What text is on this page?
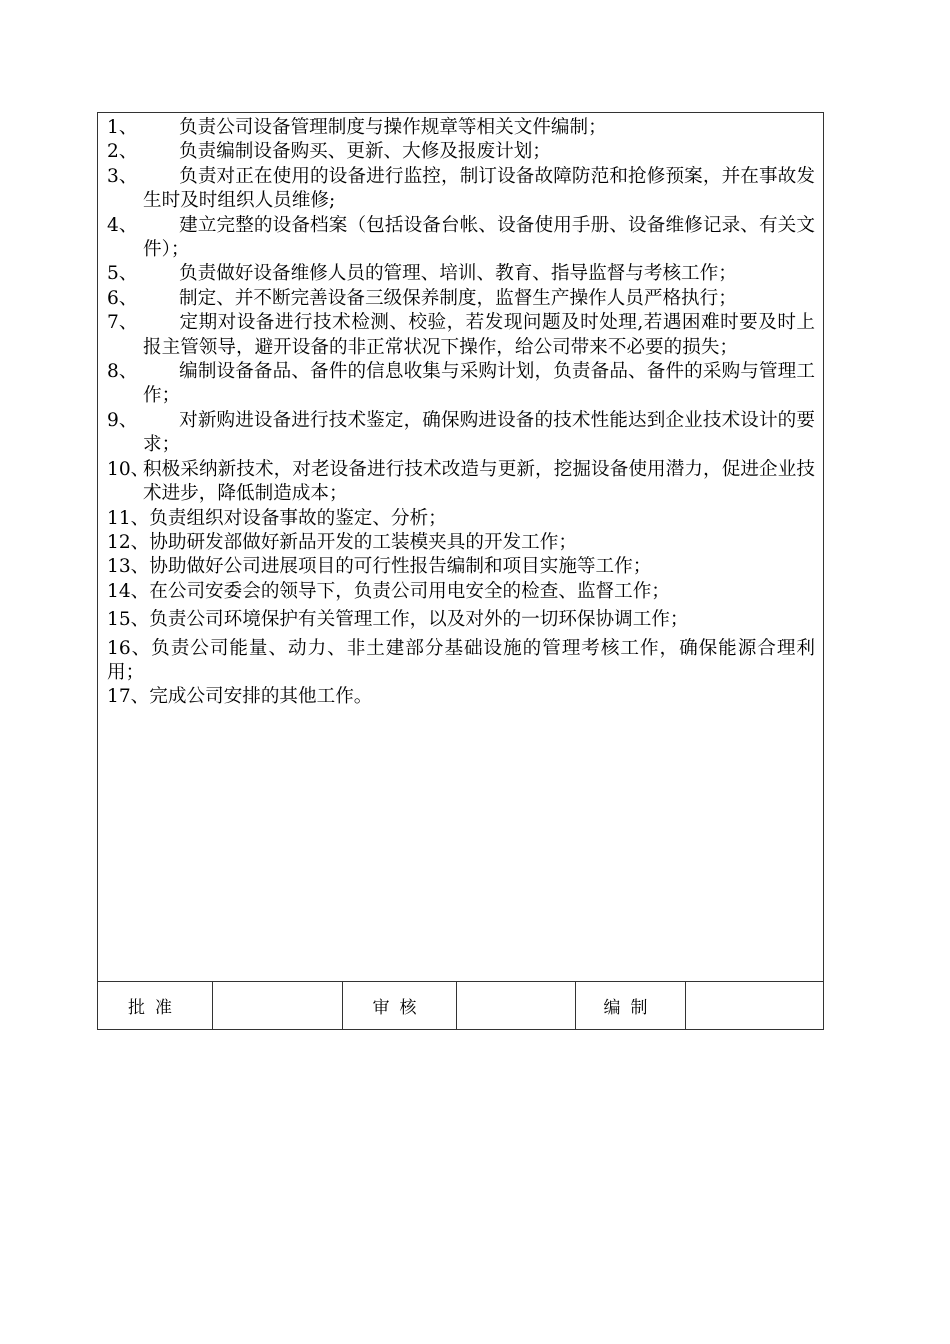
1、 负责公司设备管理制度与操作规章等相关文件编制；
2、 负责编制设备购买、更新、大修及报废计划；
3、 负责对正在使用的设备进行监控，制订设备故障防范和抢修预案，并在事故发生时及时组织人员维修;
4、 建立完整的设备档案（包括设备台帐、设备使用手册、设备维修记录、有关文件）；
5、 负责做好设备维修人员的管理、培训、教育、指导监督与考核工作；
6、 制定、并不断完善设备三级保养制度，监督生产操作人员严格执行；
7、 定期对设备进行技术检测、校验，若发现问题及时处理,若遇困难时要及时上报主管领导，避开设备的非正常状况下操作，给公司带来不必要的损失；
8、 编制设备备品、备件的信息收集与采购计划，负责备品、备件的采购与管理工作；
9、 对新购进设备进行技术鉴定，确保购进设备的技术性能达到企业技术设计的要求；
10、
积极采纳新技术，对老设备进行技术改造与更新，挖掘设备使用潜力，促进企业技术进步，降低制造成本；
11、负责组织对设备事故的鉴定、分析；
12、协助研发部做好新品开发的工装模夹具的开发工作；
13、协助做好公司进展项目的可行性报告编制和项目实施等工作；
14、在公司安委会的领导下，负责公司用电安全的检查、监督工作；
15、负责公司环境保护有关管理工作，以及对外的一切环保协调工作；
16、负责公司能量、动力、非土建部分基础设施的管理考核工作，确保能源合理利用；
17、完成公司安排的其他工作。
批准	审核	编制
